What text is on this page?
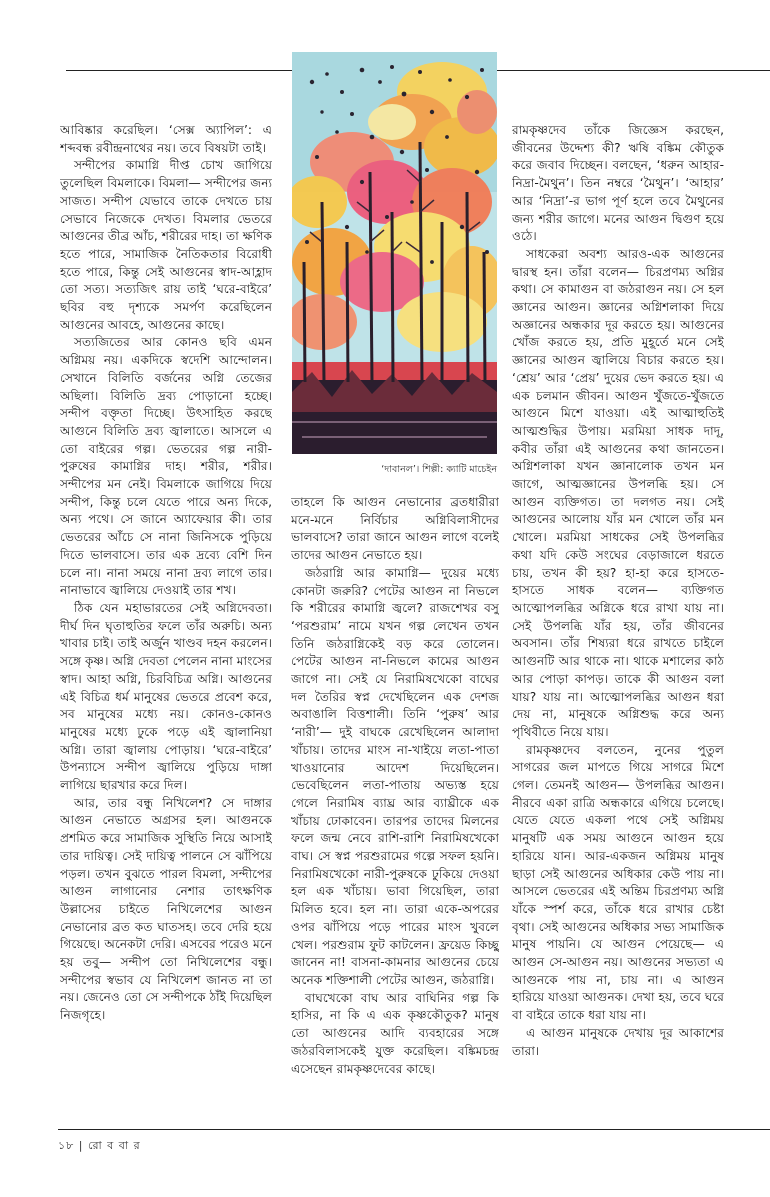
‘দাবানল’। শিল্পী: ক্যাটি মাচেইন

আবিষ্কার করেছিল। ‘সেক্স অ্যাপিল’: এ শব্দবন্ধ রবীন্দ্রনাথের নয়। তবে বিষয়টা তাই।

সন্দীপের কামাগ্নি দীপ্ত চোখ জাগিয়ে তুলেছিল বিমলাকে। বিমলা— সন্দীপের জন্য সাজত। সন্দীপ যেভাবে তাকে দেখতে চায় সেভাবে নিজেকে দেখত। বিমলার ভেতরে আগুনের তীব্র আঁচ, শরীরের দাহ। তা ক্ষণিক হতে পারে, সামাজিক নৈতিকতার বিরোধী হতে পারে, কিন্তু সেই আগুনের স্বাদ-আহ্লাদ তো সত্য। সত্যজিৎ রায় তাই ‘ঘরে-বাইরে’ ছবির বহু দৃশ্যকে সমর্পণ করেছিলেন আগুনের আবহে, আগুনের কাছে।

সত্যজিতের আর কোনও ছবি এমন অগ্নিময় নয়। একদিকে স্বদেশি আন্দোলন। সেখানে বিলিতি বর্জনের অগ্নি তেজের অছিলা। বিলিতি দ্রব্য পোড়ানো হচ্ছে। সন্দীপ বক্তৃতা দিচ্ছে। উৎসাহিত করছে আগুনে বিলিতি দ্রব্য জ্বালাতে। আসলে এ তো বাইরের গল্প। ভেতরের গল্প নারী-পুরুষের কামাগ্নির দাহ। শরীর, শরীর। সন্দীপের মন নেই। বিমলাকে জাগিয়ে দিয়ে সন্দীপ, কিন্তু চলে যেতে পারে অন্য দিকে, অন্য পথে। সে জানে অ্যাফেয়ার কী। তার ভেতরের আঁচে সে নানা জিনিসকে পুড়িয়ে দিতে ভালবাসে। তার এক দ্রব্যে বেশি দিন চলে না। নানা সময়ে নানা দ্রব্য লাগে তার। নানাভাবে জ্বালিয়ে দেওয়াই তার শখ।

ঠিক যেন মহাভারতের সেই অগ্নিদেবতা। দীর্ঘ দিন ঘৃতাহুতির ফলে তাঁর অরুচি। অন্য খাবার চাই। তাই অর্জুন খাণ্ডব দহন করলেন। সঙ্গে কৃষ্ণ। অগ্নি দেবতা পেলেন নানা মাংসের স্বাদ। আহা অগ্নি, চিরবিচিত্র অগ্নি। আগুনের এই বিচিত্র ধর্ম মানুষের ভেতরে প্রবেশ করে, সব মানুষের মধ্যে নয়। কোনও-কোনও মানুষের মধ্যে ঢুকে পড়ে এই জ্বালানিয়া অগ্নি। তারা জ্বালায় পোড়ায়। ‘ঘরে-বাইরে’ উপন্যাসে সন্দীপ জ্বালিয়ে পুড়িয়ে দাঙ্গা লাগিয়ে ছারখার করে দিল।

আর, তার বন্ধু নিখিলেশ? সে দাঙ্গার আগুন নেভাতে অগ্রসর হল। আগুনকে প্রশমিত করে সামাজিক সুস্থিতি নিয়ে আসাই তার দায়িত্ব। সেই দায়িত্ব পালনে সে ঝাঁপিয়ে পড়ল। তখন বুঝতে পারল বিমলা, সন্দীপের আগুন লাগানোর নেশার তাৎক্ষণিক উল্লাসের চাইতে নিখিলেশের আগুন নেভানোর ব্রত কত ঘাতসহ। তবে দেরি হয়ে গিয়েছে। অনেকটা দেরি। এসবের পরেও মনে হয় তবু— সন্দীপ তো নিখিলেশের বন্ধু। সন্দীপের স্বভাব যে নিখিলেশ জানত না তা নয়। জেনেও তো সে সন্দীপকে ঠাঁই দিয়েছিল নিজগৃহে।

তাহলে কি আগুন নেভানোর ব্রতধারীরা মনে-মনে নির্বিচার অগ্নিবিলাসীদের ভালবাসে? তারা জানে আগুন লাগে বলেই তাদের আগুন নেভাতে হয়।

জঠরাগ্নি আর কামাগ্নি— দুয়ের মধ্যে কোনটা জরুরি? পেটের আগুন না নিভলে কি শরীরের কামাগ্নি জ্বলে? রাজশেখর বসু ‘পরশুরাম’ নামে যখন গল্প লেখেন তখন তিনি জঠরাগ্নিকেই বড় করে তোলেন। পেটের আগুন না-নিভলে কামের আগুন জাগে না। সেই যে নিরামিষখেকো বাঘের দল তৈরির স্বপ্ন দেখেছিলেন এক দেশজ অবাঙালি বিত্তশালী। তিনি ‘পুরুষ’ আর ‘নারী’— দুই বাঘকে রেখেছিলেন আলাদা খাঁচায়। তাদের মাংস না-খাইয়ে লতা-পাতা খাওয়ানোর আদেশ দিয়েছিলেন। ভেবেছিলেন লতা-পাতায় অভ্যস্ত হয়ে গেলে নিরামিষ ব্যাঘ্র আর ব্যাঘ্রীকে এক খাঁচায় ঢোকাবেন। তারপর তাদের মিলনের ফলে জন্ম নেবে রাশি-রাশি নিরামিষখেকো বাঘ। সে স্বপ্ন পরশুরামের গল্পে সফল হয়নি। নিরামিষখেকো নারী-পুরুষকে ঢুকিয়ে দেওয়া হল এক খাঁচায়। ভাবা গিয়েছিল, তারা মিলিত হবে। হল না। তারা একে-অপরের ওপর ঝাঁপিয়ে পড়ে পারের মাংস খুবলে খেল। পরশুরাম ফুট কাটলেন। ফ্রয়েড কিচ্ছু জানেন না! বাসনা-কামনার আগুনের চেয়ে অনেক শক্তিশালী পেটের আগুন, জঠরাগ্নি।

বাঘখেকো বাঘ আর বাঘিনির গল্প কি হাসির, না কি এ এক কৃষ্ণকৌতুক? মানুষ তো আগুনের আদি ব্যবহারের সঙ্গে জঠরবিলাসকেই যুক্ত করেছিল। বঙ্কিমচন্দ্র এসেছেন রামকৃষ্ণদেবের কাছে।

রামকৃষ্ণদেব তাঁকে জিজ্ঞেস করছেন, জীবনের উদ্দেশ্য কী? ঋষি বঙ্কিম কৌতুক করে জবাব দিচ্ছেন। বলছেন, ‘ধরুন আহার-নিদ্রা-মৈথুন’। তিন নম্বরে ‘মৈথুন’। ‘আহার’ আর ‘নিদ্রা’-র ভাগ পূর্ণ হলে তবে মৈথুনের জন্য শরীর জাগে। মনের আগুন দ্বিগুণ হয়ে ওঠে।

সাধকেরা অবশ্য আরও-এক আগুনের দ্বারস্থ হন। তাঁরা বলেন— চিরপ্রণম্য অগ্নির কথা। সে কামাগুন বা জঠরাগুন নয়। সে হল জ্ঞানের আগুন। জ্ঞানের অগ্নিশলাকা দিয়ে অজ্ঞানের অন্ধকার দূর করতে হয়। আগুনের খোঁজ করতে হয়, প্রতি মুহূর্তে মনে সেই জ্ঞানের আগুন জ্বালিয়ে বিচার করতে হয়। ‘শ্রেয়’ আর ‘প্রেয়’ দুয়ের ভেদ করতে হয়। এ এক চলমান জীবন। আগুন খুঁজতে-খুঁজতে আগুনে মিশে যাওয়া। এই আত্মাহুতিই আত্মশুদ্ধির উপায়। মরমিয়া সাধক দাদূ, কবীর তাঁরা এই আগুনের কথা জানতেন। অগ্নিশলাকা যখন জ্ঞানালোক তখন মন জাগে, আত্মজ্ঞানের উপলব্ধি হয়। সে আগুন ব্যক্তিগত। তা দলগত নয়। সেই আগুনের আলোয় যাঁর মন খোলে তাঁর মন খোলে। মরমিয়া সাধকের সেই উপলব্ধির কথা যদি কেউ সংঘের বেড়াজালে ধরতে চায়, তখন কী হয়? হা-হা করে হাসতে-হাসতে সাধক বলেন— ব্যক্তিগত আত্মোপলব্ধির অগ্নিকে ধরে রাখা যায় না। সেই উপলব্ধি যাঁর হয়, তাঁর জীবনের অবসান। তাঁর শিষ্যরা ধরে রাখতে চাইলে আগুনটি আর থাকে না। থাকে মশালের কাঠ আর পোড়া কাপড়। তাকে কী আগুন বলা যায়? যায় না। আত্মোপলব্ধির আগুন ধরা দেয় না, মানুষকে অগ্নিশুদ্ধ করে অন্য পৃথিবীতে নিয়ে যায়।

রামকৃষ্ণদেব বলতেন, নুনের পুতুল সাগরের জল মাপতে গিয়ে সাগরে মিশে গেল। তেমনই আগুন— উপলব্ধির আগুন। নীরবে একা রাত্রি অন্ধকারে এগিয়ে চলেছে। যেতে যেতে একলা পথে সেই অগ্নিময় মানুষটি এক সময় আগুনে আগুন হয়ে হারিয়ে যান। আর-একজন অগ্নিময় মানুষ ছাড়া সেই আগুনের অধিকার কেউ পায় না। আসলে ভেতরের এই অন্তিম চিরপ্রণম্য অগ্নি যাঁকে স্পর্শ করে, তাঁকে ধরে রাখার চেষ্টা বৃথা। সেই আগুনের অধিকার সভ্য সামাজিক মানুষ পায়নি। যে আগুন পেয়েছে— এ আগুন সে-আগুন নয়। আগুনের সভ্যতা এ আগুনকে পায় না, চায় না। এ আগুন হারিয়ে যাওয়া আগুনক। দেখা হয়, তবে ঘরে বা বাইরে তাকে ধরা যায় না।

এ আগুন মানুষকে দেখায় দূর আকাশের তারা।

১৮ | রো ব বা র
